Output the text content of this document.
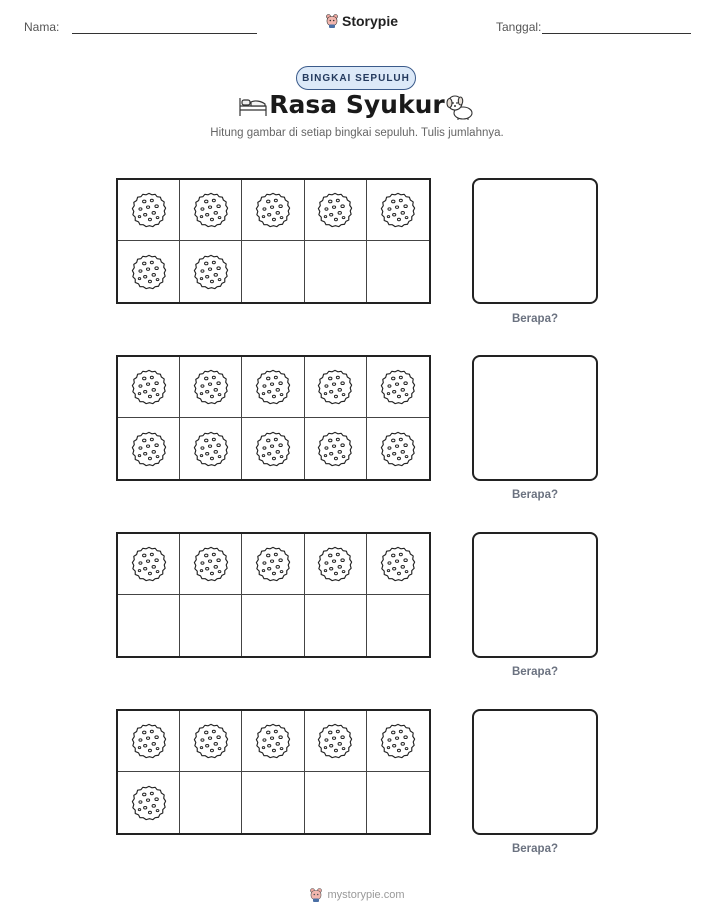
Nama:	Storypie	Tanggal:
BINGKAI SEPULUH
Rasa Syukur
Hitung gambar di setiap bingkai sepuluh. Tulis jumlahnya.
Berapa?
Berapa?
Berapa?
Berapa?
mystorypie.com
